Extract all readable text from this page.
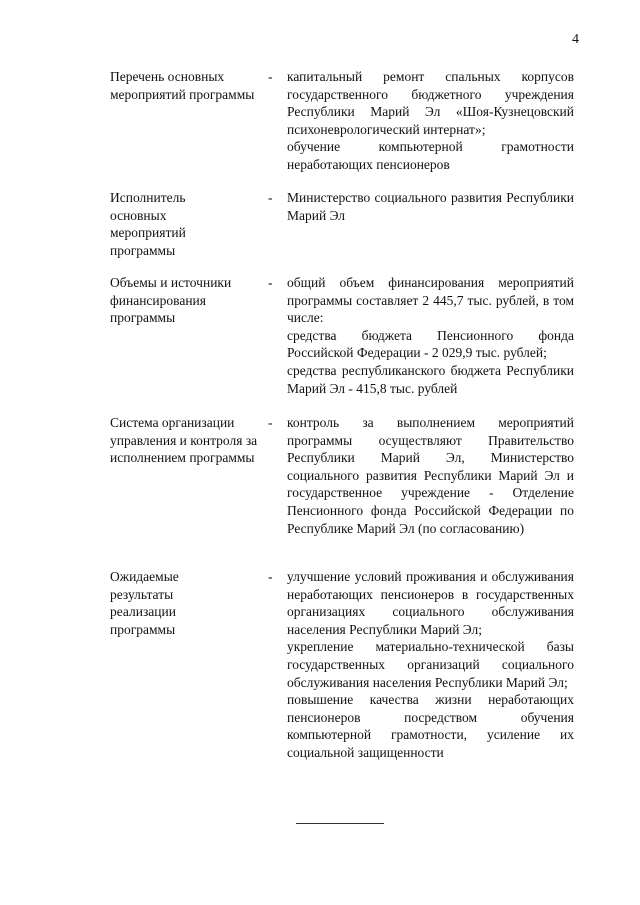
4
Перечень основных мероприятий программы
- капитальный ремонт спальных корпусов государственного бюджетного учреждения Республики Марий Эл «Шоя-Кузнецовский психоневрологический интернат»;

обучение компьютерной грамотности неработающих пенсионеров

Исполнитель основных мероприятий программы
- Министерство социального развития Республики Марий Эл

Объемы и источники финансирования программы
- общий объем финансирования мероприятий программы составляет 2 445,7 тыс. рублей, в том числе:

средства бюджета Пенсионного фонда Российской Федерации - 2 029,9 тыс. рублей;

средства республиканского бюджета Республики Марий Эл - 415,8 тыс. рублей

Система организации управления и контроля за исполнением программы
- контроль за выполнением мероприятий программы осуществляют Правительство Республики Марий Эл, Министерство социального развития Республики Марий Эл и государственное учреждение - Отделение Пенсионного фонда Российской Федерации по Республике Марий Эл (по согласованию)

Ожидаемые результаты реализации программы
- улучшение условий проживания и обслуживания неработающих пенсионеров в государственных организациях социального обслуживания населения Республики Марий Эл;

укрепление материально-технической базы государственных организаций социального обслуживания населения Республики Марий Эл;

повышение качества жизни неработающих пенсионеров посредством обучения компьютерной грамотности, усиление их социальной защищенности
